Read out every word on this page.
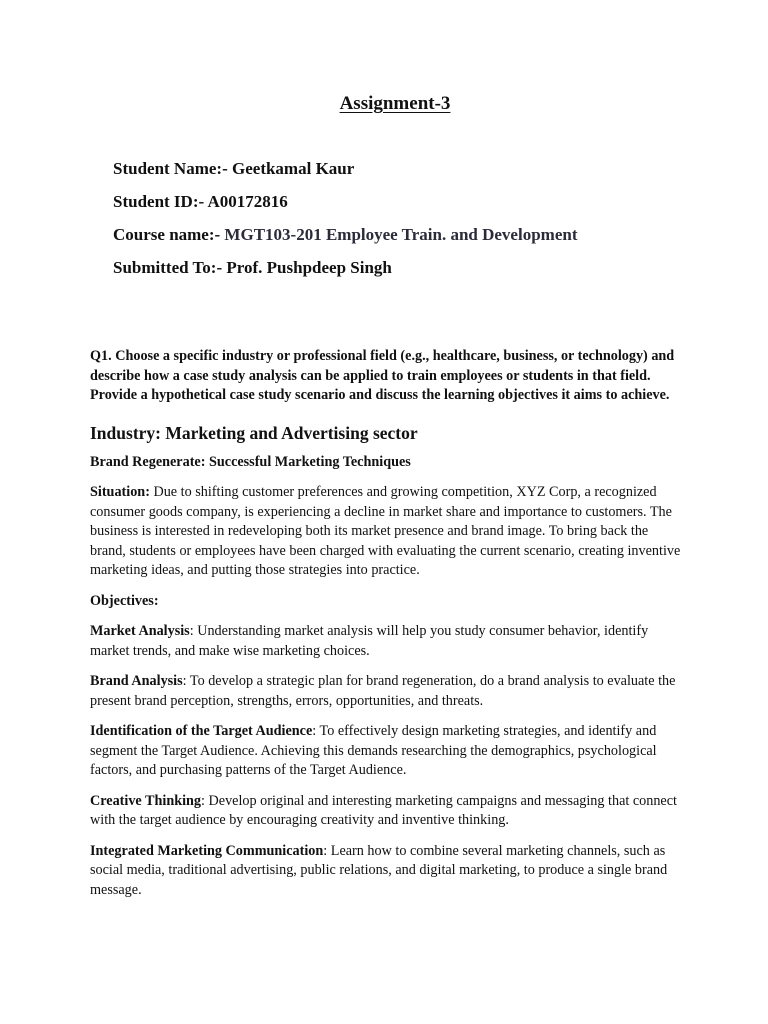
Assignment-3
Student Name:- Geetkamal Kaur
Student ID:- A00172816
Course name:- MGT103-201 Employee Train. and Development
Submitted To:- Prof. Pushpdeep Singh

Q1. Choose a specific industry or professional field (e.g., healthcare, business, or technology) and describe how a case study analysis can be applied to train employees or students in that field. Provide a hypothetical case study scenario and discuss the learning objectives it aims to achieve.

Industry: Marketing and Advertising sector

Brand Regenerate: Successful Marketing Techniques

Situation: Due to shifting customer preferences and growing competition, XYZ Corp, a recognized consumer goods company, is experiencing a decline in market share and importance to customers. The business is interested in redeveloping both its market presence and brand image. To bring back the brand, students or employees have been charged with evaluating the current scenario, creating inventive marketing ideas, and putting those strategies into practice.

Objectives:

Market Analysis: Understanding market analysis will help you study consumer behavior, identify market trends, and make wise marketing choices.

Brand Analysis: To develop a strategic plan for brand regeneration, do a brand analysis to evaluate the present brand perception, strengths, errors, opportunities, and threats.

Identification of the Target Audience: To effectively design marketing strategies, and identify and segment the Target Audience. Achieving this demands researching the demographics, psychological factors, and purchasing patterns of the Target Audience.

Creative Thinking: Develop original and interesting marketing campaigns and messaging that connect with the target audience by encouraging creativity and inventive thinking.

Integrated Marketing Communication: Learn how to combine several marketing channels, such as social media, traditional advertising, public relations, and digital marketing, to produce a single brand message.
